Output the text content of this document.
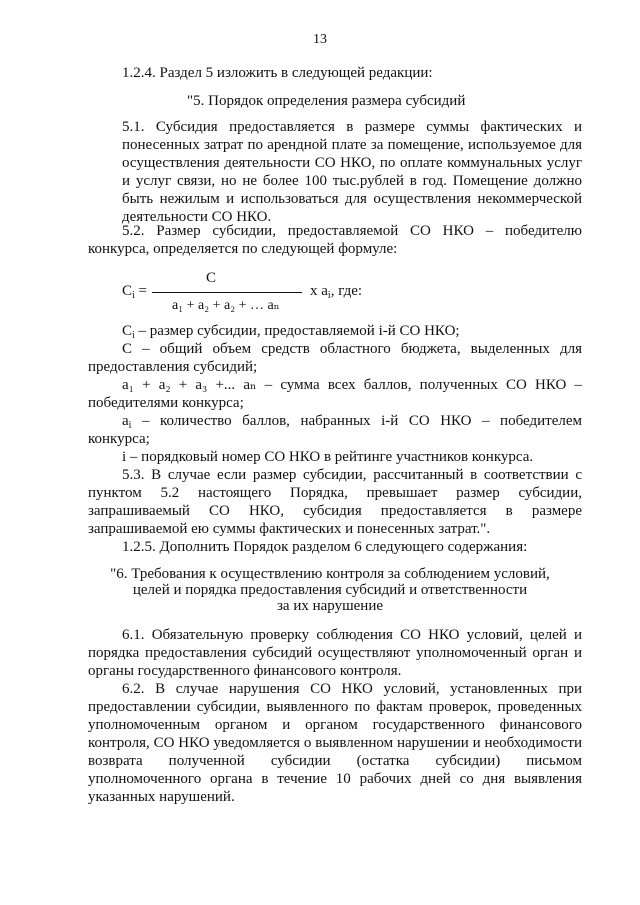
13
1.2.4. Раздел 5 изложить в следующей редакции:
"5. Порядок определения размера субсидий
5.1. Субсидия предоставляется в размере суммы фактических и понесенных затрат по арендной плате за помещение, используемое для осуществления деятельности СО НКО, по оплате коммунальных услуг и услуг связи, но не более 100 тыс.рублей в год. Помещение должно быть нежилым и использоваться для осуществления некоммерческой деятельности СО НКО.
5.2. Размер субсидии, предоставляемой СО НКО – победителю конкурса, определяется по следующей формуле:
$C_i$ =
C
a₁ + a₂ + a₂ + … aₙ
x $a_i$, где:
$C_i$ – размер субсидии, предоставляемой i-й СО НКО;
C – общий объем средств областного бюджета, выделенных для предоставления субсидий;
a₁ + a₂ + a₃ +... aₙ – сумма всех баллов, полученных СО НКО – победителями конкурса;
$a_i$ – количество баллов, набранных i-й СО НКО – победителем конкурса;
i – порядковый номер СО НКО в рейтинге участников конкурса.
5.3. В случае если размер субсидии, рассчитанный в соответствии с пунктом 5.2 настоящего Порядка, превышает размер субсидии, запрашиваемый СО НКО, субсидия предоставляется в размере запрашиваемой ею суммы фактических и понесенных затрат.".
1.2.5. Дополнить Порядок разделом 6 следующего содержания:
"6. Требования к осуществлению контроля за соблюдением условий,
целей и порядка предоставления субсидий и ответственности
за их нарушение
6.1. Обязательную проверку соблюдения СО НКО условий, целей и порядка предоставления субсидий осуществляют уполномоченный орган и органы государственного финансового контроля.
6.2. В случае нарушения СО НКО условий, установленных при предоставлении субсидии, выявленного по фактам проверок, проведенных уполномоченным органом и органом государственного финансового контроля, СО НКО уведомляется о выявленном нарушении и необходимости возврата полученной субсидии (остатка субсидии) письмом уполномоченного органа в течение 10 рабочих дней со дня выявления указанных нарушений.
